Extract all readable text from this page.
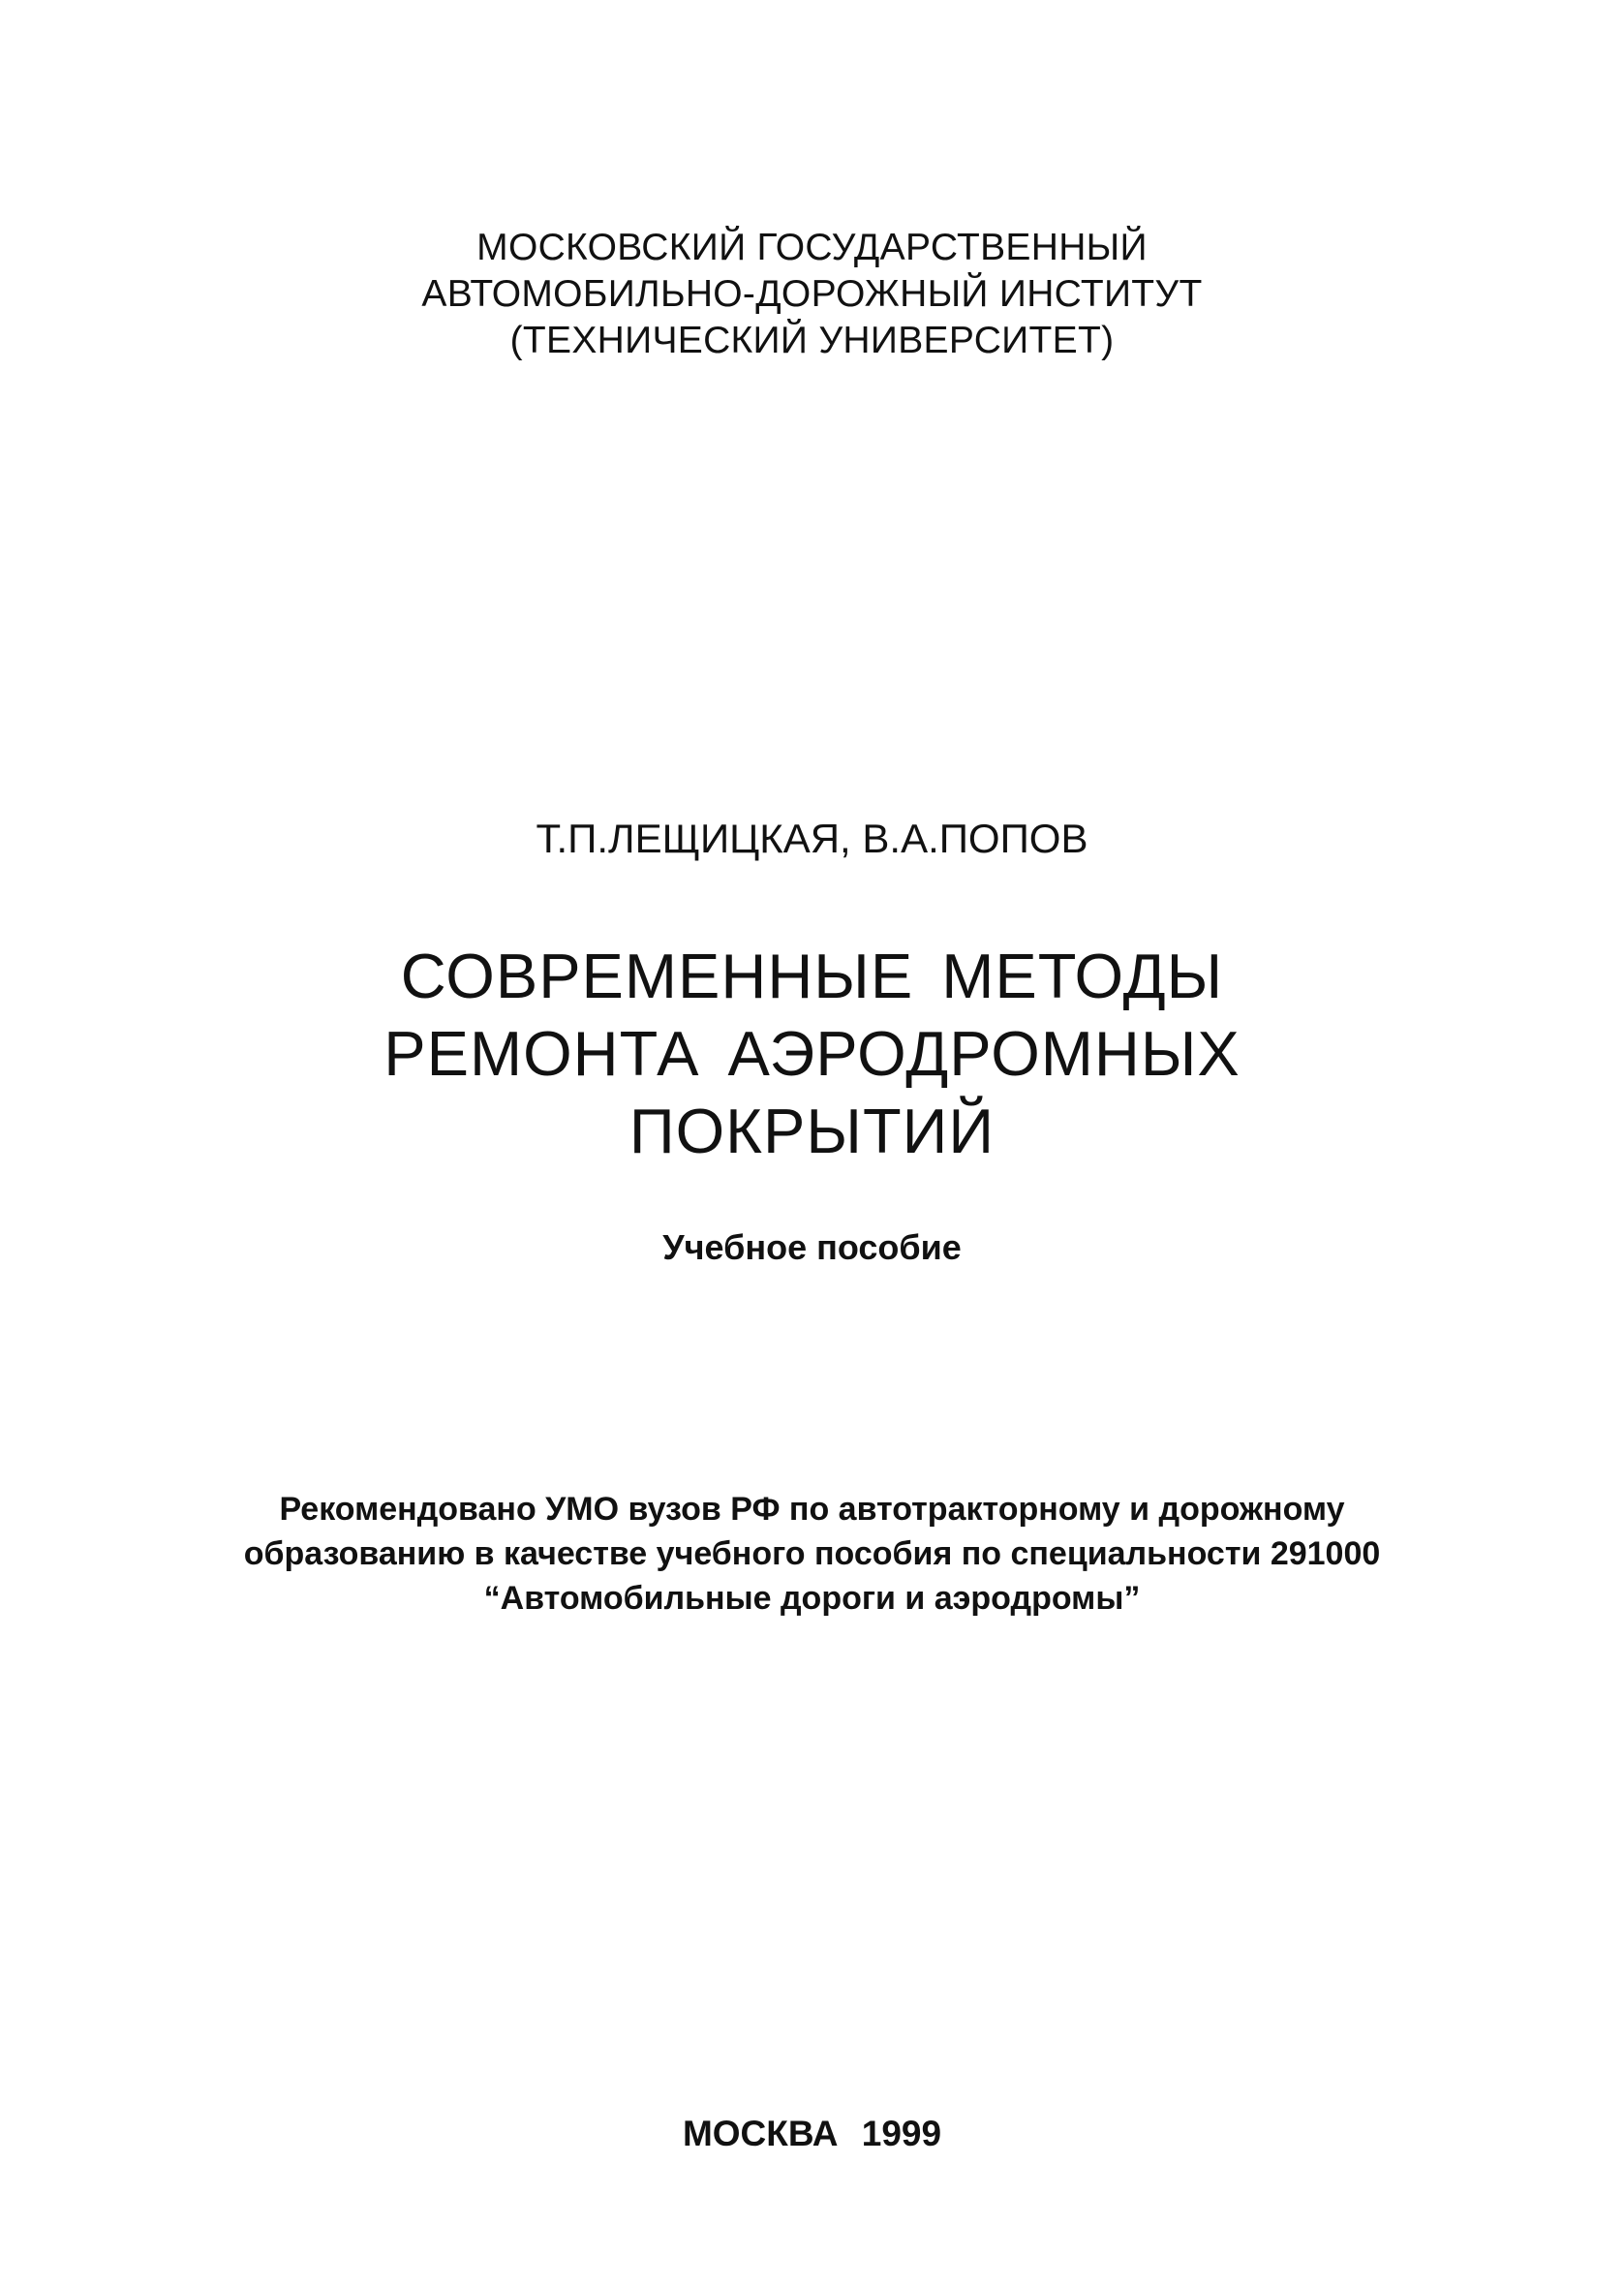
МОСКОВСКИЙ ГОСУДАРСТВЕННЫЙ
АВТОМОБИЛЬНО-ДОРОЖНЫЙ ИНСТИТУТ
(ТЕХНИЧЕСКИЙ УНИВЕРСИТЕТ)
Т.П.ЛЕЩИЦКАЯ, В.А.ПОПОВ
СОВРЕМЕННЫЕ МЕТОДЫ
РЕМОНТА АЭРОДРОМНЫХ
ПОКРЫТИЙ
Учебное пособие
Рекомендовано УМО вузов РФ по автотракторному и дорожному
образованию в качестве учебного пособия по специальности 291000
“Автомобильные дороги и аэродромы”
МОСКВА 1999
